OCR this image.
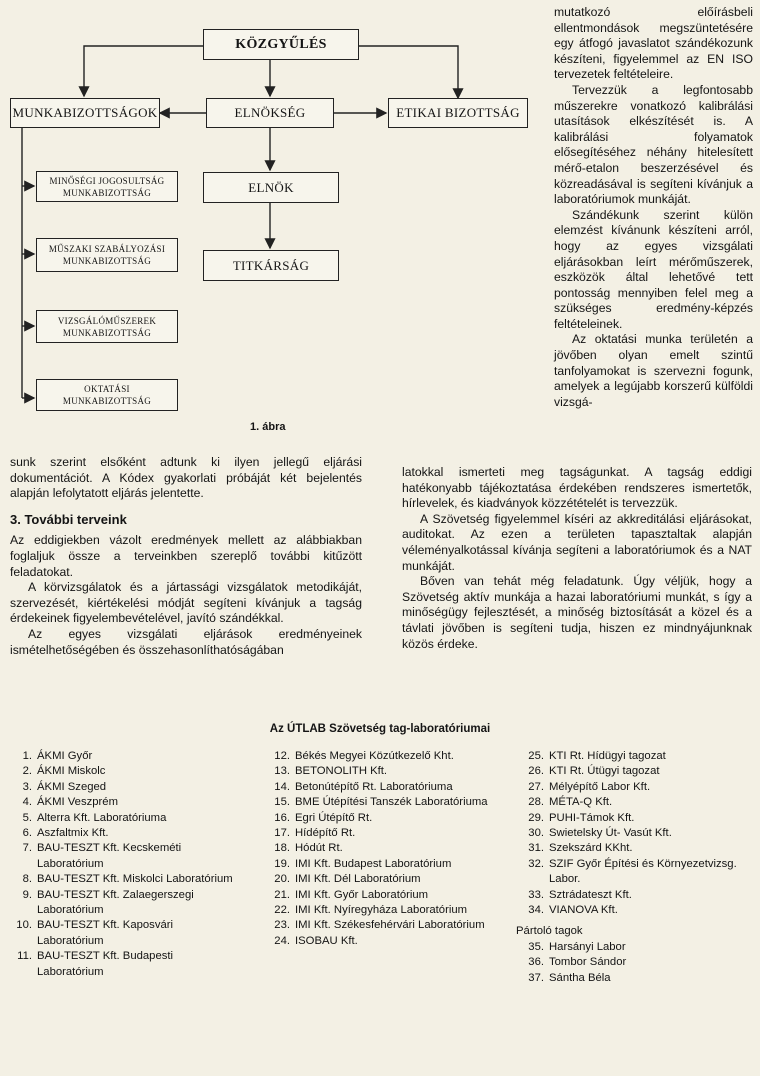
KÖZGYŰLÉS
MUNKABIZOTTSÁGOK	ELNÖKSÉG	ETIKAI BIZOTTSÁG
ELNÖK
TITKÁRSÁG
MINŐSÉGI JOGOSULTSÁG
MUNKABIZOTTSÁG
MŰSZAKI SZABÁLYOZÁSI
MUNKABIZOTTSÁG
VIZSGÁLÓMŰSZEREK
MUNKABIZOTTSÁG
OKTATÁSI
MUNKABIZOTTSÁG
1. ábra

mutatkozó előírásbeli ellentmondások megszüntetésére egy átfogó javaslatot szándékozunk készíteni, figyelemmel az EN ISO tervezetek feltételeire.

Tervezzük a legfontosabb műszerekre vonatkozó kalibrálási utasítások elkészítését is. A kalibrálási folyamatok elősegítéséhez néhány hitelesített mérő-etalon beszerzésével és közreadásával is segíteni kívánjuk a laboratóriumok munkáját.

Szándékunk szerint külön elemzést kívánunk készíteni arról, hogy az egyes vizsgálati eljárásokban leírt mérőműszerek, eszközök által lehetővé tett pontosság mennyiben felel meg a szükséges eredmény-képzés feltételeinek.

Az oktatási munka területén a jövőben olyan emelt szintű tanfolyamokat is szervezni fogunk, amelyek a legújabb korszerű külföldi vizsgá-

sunk szerint elsőként adtunk ki ilyen jellegű eljárási dokumentációt. A Kódex gyakorlati próbáját két bejelentés alapján lefolytatott eljárás jelentette.

3. További terveink

Az eddigiekben vázolt eredmények mellett az alábbiakban foglaljuk össze a terveinkben szereplő további kitűzött feladatokat.

A körvizsgálatok és a jártassági vizsgálatok metodikáját, szervezését, kiértékelési módját segíteni kívánjuk a tagság érdekeinek figyelembevételével, javító szándékkal.

Az egyes vizsgálati eljárások eredményeinek ismételhetőségében és összehasonlíthatóságában

latokkal ismerteti meg tagságunkat. A tagság eddigi hatékonyabb tájékoztatása érdekében rendszeres ismertetők, hírlevelek, és kiadványok közzétételét is tervezzük.

A Szövetség figyelemmel kíséri az akkreditálási eljárásokat, auditokat. Az ezen a területen tapasztaltak alapján véleményalkotással kívánja segíteni a laboratóriumok és a NAT munkáját.

Bőven van tehát még feladatunk. Úgy véljük, hogy a Szövetség aktív munkája a hazai laboratóriumi munkát, s így a minőségügy fejlesztését, a minőség biztosítását a közel és a távlati jövőben is segíteni tudja, hiszen ez mindnyájunknak közös érdeke.

Az ÚTLAB Szövetség tag-laboratóriumai
1. ÁKMI Győr
2. ÁKMI Miskolc
3. ÁKMI Szeged
4. ÁKMI Veszprém
5. Alterra Kft. Laboratóriuma
6. Aszfaltmix Kft.
7. BAU-TESZT Kft. Kecskeméti Laboratórium
8. BAU-TESZT Kft. Miskolci Laboratórium
9. BAU-TESZT Kft. Zalaegerszegi Laboratórium
10. BAU-TESZT Kft. Kaposvári Laboratórium
11. BAU-TESZT Kft. Budapesti Laboratórium
12. Békés Megyei Közútkezelő Kht.
13. BETONOLITH Kft.
14. Betonútépítő Rt. Laboratóriuma
15. BME Útépítési Tanszék Laboratóriuma
16. Egri Útépítő Rt.
17. Hídépítő Rt.
18. Hódút Rt.
19. IMI Kft. Budapest Laboratórium
20. IMI Kft. Dél Laboratórium
21. IMI Kft. Győr Laboratórium
22. IMI Kft. Nyíregyháza Laboratórium
23. IMI Kft. Székesfehérvári Laboratórium
24. ISOBAU Kft.
25. KTI Rt. Hídügyi tagozat
26. KTI Rt. Útügyi tagozat
27. Mélyépítő Labor Kft.
28. MÉTA-Q Kft.
29. PUHI-Támok Kft.
30. Swietelsky Út- Vasút Kft.
31. Szekszárd KKht.
32. SZIF Győr Építési és Környezetvizsg. Labor.
33. Sztrádateszt Kft.
34. VIANOVA Kft.
Pártoló tagok
35. Harsányi Labor
36. Tombor Sándor
37. Sántha Béla
